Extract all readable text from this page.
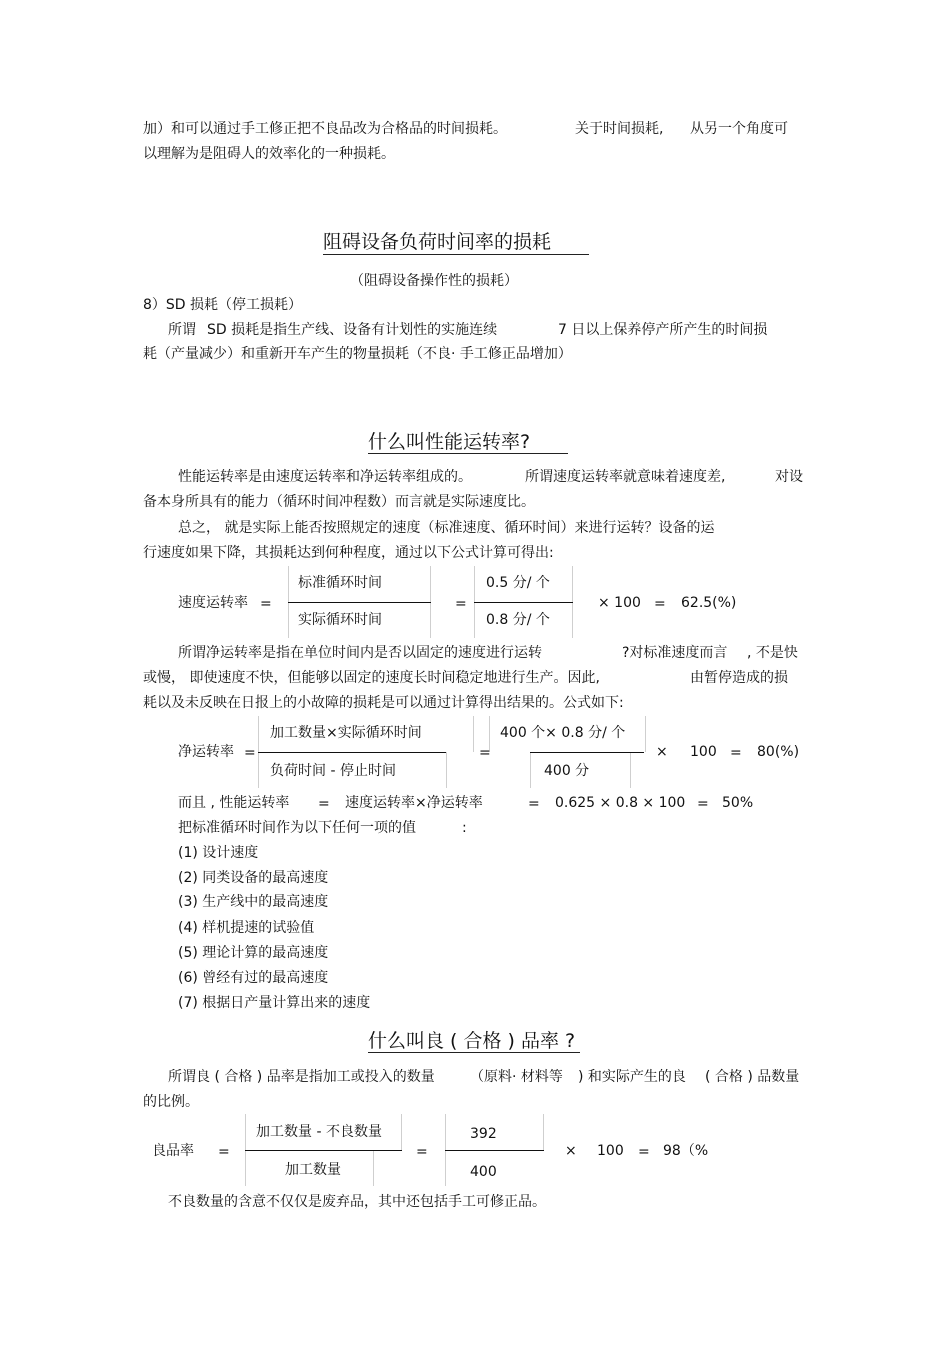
加）和可以通过手工修正把不良品改为合格品的时间损耗。	关于时间损耗, 从另一个角度可
以理解为是阻碍人的效率化的一种损耗。
阻碍设备负荷时间率的损耗
（阻碍设备操作性的损耗）
8）SD 损耗（停工损耗）
所谓 SD 损耗是指生产线、设备有计划性的实施连续	7 日以上保养停产所产生的时间损
耗（产量减少）和重新开车产生的物量损耗（不良· 手工修正品增加）
什么叫性能运转率?
性能运转率是由速度运转率和净运转率组成的。	所谓速度运转率就意味着速度差,	对设
备本身所具有的能力（循环时间冲程数）而言就是实际速度比。
总之， 就是实际上能否按照规定的速度（标准速度、循环时间）来进行运转？设备的运
行速度如果下降，其损耗达到何种程度，通过以下公式计算可得出:
速度运转率 =
标准循环时间
实际循环时间
=
0.5 分/ 个
0.8 分/ 个
× 100 = 62.5(%)
所谓净运转率是指在单位时间内是否以固定的速度进行运转	?对标准速度而言 , 不是快
或慢， 即使速度不快，但能够以固定的速度长时间稳定地进行生产。因此,	由暂停造成的损
耗以及未反映在日报上的小故障的损耗是可以通过计算得出结果的。公式如下:
净运转率 =
加工数量×实际循环时间
负荷时间 - 停止时间
=
400 个× 0.8 分/ 个
400 分
× 100 = 80(%)
而且 , 性能运转率 = 速度运转率×净运转率	= 0.625 × 0.8 × 100 = 50%
把标准循环时间作为以下任何一项的值	:
(1) 设计速度
(2) 同类设备的最高速度
(3) 生产线中的最高速度
(4) 样机提速的试验值
(5) 理论计算的最高速度
(6) 曾经有过的最高速度
(7) 根据日产量计算出来的速度
什么叫良 ( 合格 ) 品率 ?
所谓良 ( 合格 ) 品率是指加工或投入的数量	（原料· 材料等 ) 和实际产生的良 ( 合格 ) 品数量
的比例。
良品率 =
加工数量 - 不良数量
加工数量
=
392
400
× 100 = 98（%
不良数量的含意不仅仅是废弃品，其中还包括手工可修正品。
